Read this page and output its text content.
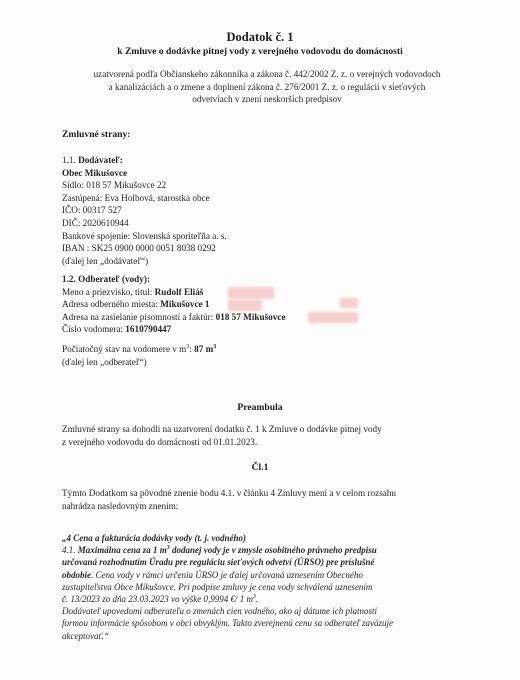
Dodatok č. 1
k Zmluve o dodávke pitnej vody z verejného vodovodu do domácnosti
uzatvorená podľa Občianskeho zákonníka a zákona č. 442/2002 Z. z. o verejných vodovodoch
a kanalizáciách a o zmene a doplnení zákona č. 276/2001 Z. z. o regulácii v sieťových
odvetviach v znení neskorších predpisov
Zmluvné strany:
1.1. Dodávateľ:
Obec Mikušovce
Sídlo: 018 57 Mikušovce 22
Zastúpená: Eva Holbová, starostka obce
IČO: 00317 527
DIČ: 2020610944
Bankové spojenie: Slovenská sporiteľňa a. s.
IBAN : SK25 0900 0000 0051 8038 0292
(ďalej len „dodávateľ“)
1.2. Odberateľ (vody):
Meno a priezvisko, titul: Rudolf Eliáš
Adresa odberného miesta: Mikušovce 1
Adresa na zasielanie písomností a faktúr: 018 57 Mikušovce
Číslo vodomera: 1610790447
Počiatočný stav na vodomere v $m^3$: 87 $m^3$
(ďalej len „odberateľ“)
Preambula
Zmluvné strany sa dohodli na uzatvorení dodatku č. 1 k Zmluve o dodávke pitnej vody
z verejného vodovodu do domácnosti od 01.01.2023.
Čl.1
Týmto Dodatkom sa pôvodné znenie bodu 4.1. v článku 4 Zmluvy mení a v celom rozsahu
nahrádza nasledovným znením:
„4 Cena a fakturácia dodávky vody (t. j. vodného)
4.1. Maximálna cena za 1 $m^3$ dodanej vody je v zmysle osobitného právneho predpisu
určovaná rozhodnutím Úradu pre reguláciu sieťových odvetví (ÚRSO) pre príslušné
obdobie. Cena vody v rámci určenia ÚRSO je ďalej určovaná uznesením Obecného
zastupiteľstva Obce Mikušovce. Pri podpise zmluvy je cena vody schválená uznesením
č. 13/2023 zo dňa 23.03.2023 vo výške 0,9994 €/ 1 $m^3$.
Dodávateľ upovedomí odberateľa o zmenách cien vodného, ako aj dátume ich platnosti
formou informácie spôsobom v obci obvyklým. Takto zverejnenú cenu sa odberateľ zaväzuje
akceptovať.“
